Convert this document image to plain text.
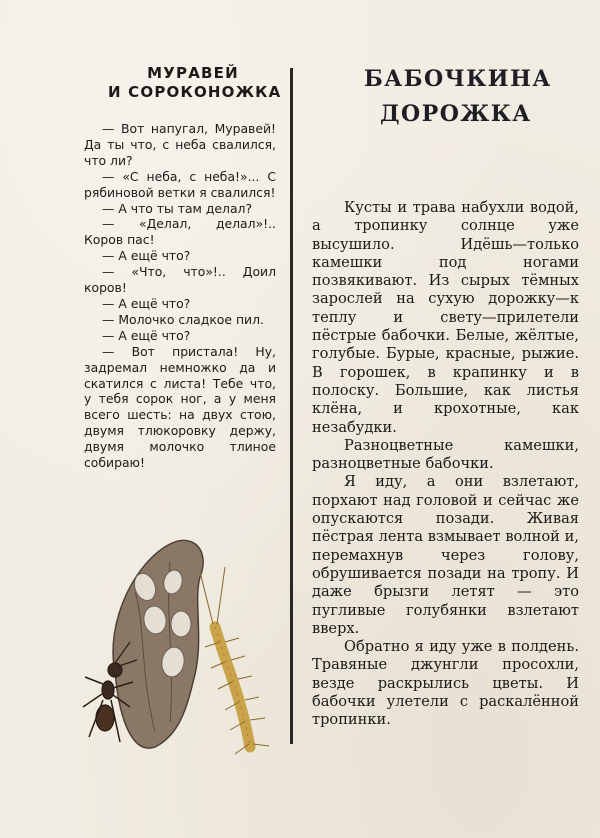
МУРАВЕЙ
И СОРОКОНОЖКА

— Вот напугал, Муравей! Да ты что, с неба свалился, что ли?

— «С неба, с неба!»... С рябиновой ветки я свалился!

— А что ты там делал?

— «Делал, делал»!.. Коров пас!

— А ещё что?

— «Что, что»!.. Доил коров!

— А ещё что?

— Молочко сладкое пил.

— А ещё что?

— Вот пристала! Ну, задремал немножко да и скатился с листа! Тебе что, у тебя сорок ног, а у меня всего шесть: на двух стою, двумя тлюкоровку держу, двумя молочко тлиное собираю!

БАБОЧКИНА
ДОРОЖКА

Кусты и трава набухли водой, а тропинку солнце уже высушило. Идёшь—только камешки под ногами позвякивают. Из сырых тёмных зарослей на сухую дорожку—к теплу и свету—прилетели пёстрые бабочки. Белые, жёлтые, голубые. Бурые, красные, рыжие. В горошек, в крапинку и в полоску. Большие, как листья клёна, и крохотные, как незабудки.

Разноцветные камешки, разноцветные бабочки.

Я иду, а они взлетают, порхают над головой и сейчас же опускаются позади. Живая пёстрая лента взмывает волной и, перемахнув через голову, обрушивается позади на тропу. И даже брызги летят — это пугливые голубянки взлетают вверх.

Обратно я иду уже в полдень. Травяные джунгли просохли, везде раскрылись цветы. И бабочки улетели с раскалённой тропинки.
